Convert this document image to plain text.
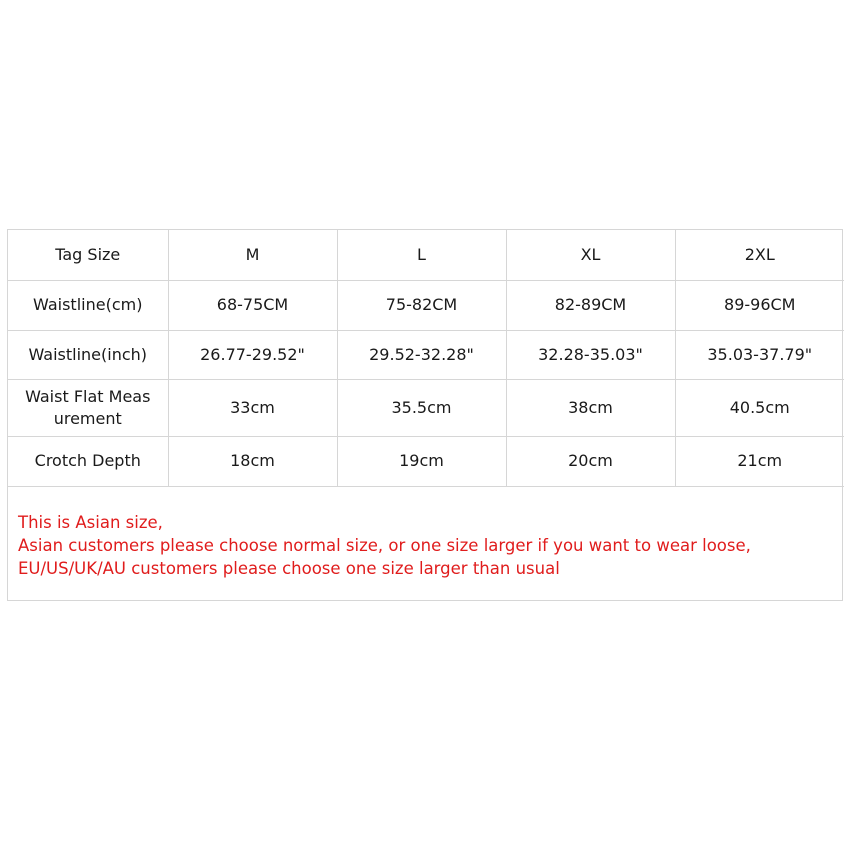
Tag Size	M	L	XL	2XL
Waistline(cm)	68-75CM	75-82CM	82-89CM	89-96CM
Waistline(inch)	26.77-29.52"	29.52-32.28"	32.28-35.03"	35.03-37.79"
Waist Flat Meas
urement	33cm	35.5cm	38cm	40.5cm
Crotch Depth	18cm	19cm	20cm	21cm
This is Asian size,
Asian customers please choose normal size, or one size larger if you want to wear loose,
EU/US/UK/AU customers please choose one size larger than usual
